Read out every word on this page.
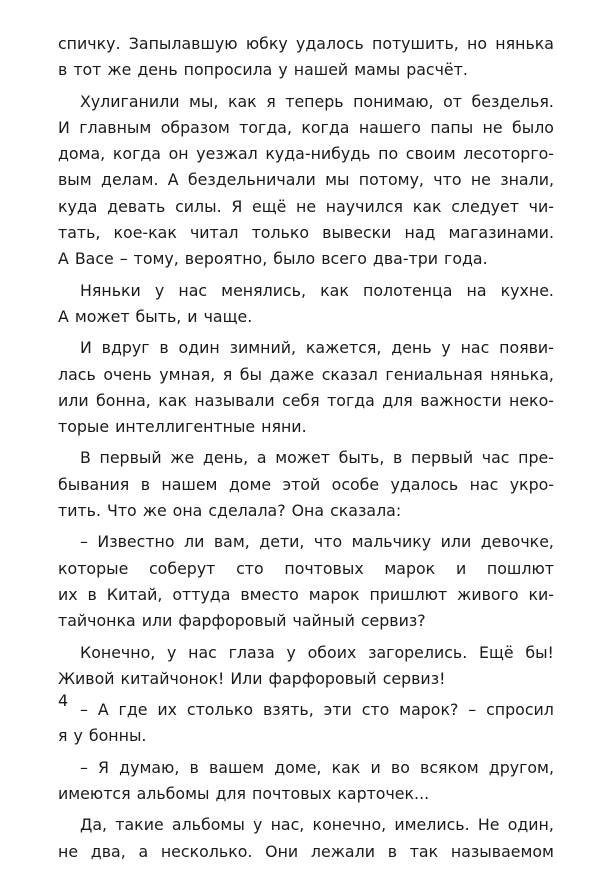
спичку. Запылавшую юбку удалось потушить, но нянька
в тот же день попросила у нашей мамы расчёт.
Хулиганили мы, как я теперь понимаю, от безделья.
И главным образом тогда, когда нашего папы не было
дома, когда он уезжал куда-нибудь по своим лесоторго-
вым делам. А бездельничали мы потому, что не знали,
куда девать силы. Я ещё не научился как следует чи-
тать, кое-как читал только вывески над магазинами.
А Васе – тому, вероятно, было всего два-три года.
Няньки у нас менялись, как полотенца на кухне.
А может быть, и чаще.
И вдруг в один зимний, кажется, день у нас появи-
лась очень умная, я бы даже сказал гениальная нянька,
или бонна, как называли себя тогда для важности неко-
торые интеллигентные няни.
В первый же день, а может быть, в первый час пре-
бывания в нашем доме этой особе удалось нас укро-
тить. Что же она сделала? Она сказала:
– Известно ли вам, дети, что мальчику или девочке,
которые соберут сто почтовых марок и пошлют
их в Китай, оттуда вместо марок пришлют живого ки-
тайчонка или фарфоровый чайный сервиз?
Конечно, у нас глаза у обоих загорелись. Ещё бы!
Живой китайчонок! Или фарфоровый сервиз!
– А где их столько взять, эти сто марок? – спросил
я у бонны.
– Я думаю, в вашем доме, как и во всяком другом,
имеются альбомы для почтовых карточек...
Да, такие альбомы у нас, конечно, имелись. Не один,
не два, а несколько. Они лежали в так называемом
4
